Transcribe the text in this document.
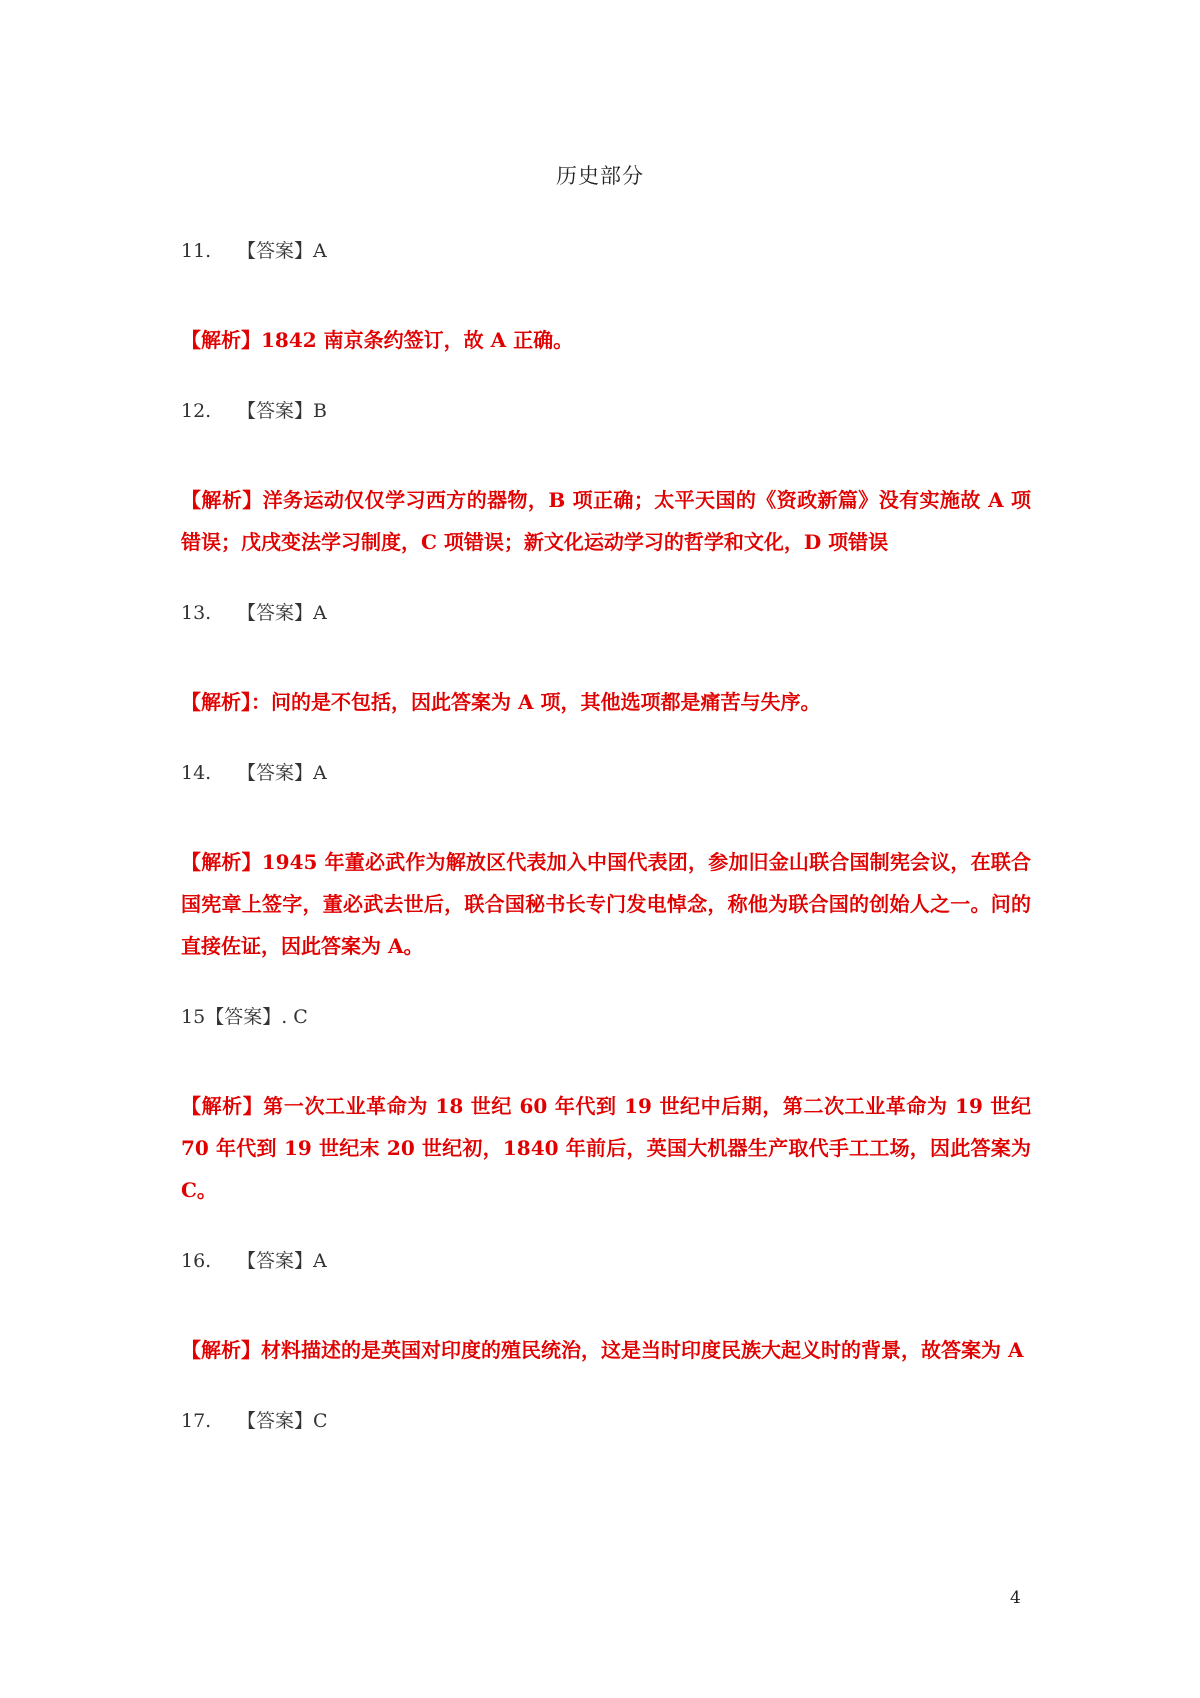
历史部分
11. 【答案】A
【解析】1842 南京条约签订，故 A 正确。
12. 【答案】B
【解析】洋务运动仅仅学习西方的器物，B 项正确；太平天国的《资政新篇》没有实施故 A 项错误；戊戌变法学习制度，C 项错误；新文化运动学习的哲学和文化，D 项错误
13. 【答案】A
【解析】：问的是不包括，因此答案为 A 项，其他选项都是痛苦与失序。
14. 【答案】A
【解析】1945 年董必武作为解放区代表加入中国代表团，参加旧金山联合国制宪会议，在联合国宪章上签字，董必武去世后，联合国秘书长专门发电悼念，称他为联合国的创始人之一。问的直接佐证，因此答案为 A。
15【答案】. C
【解析】第一次工业革命为 18 世纪 60 年代到 19 世纪中后期，第二次工业革命为 19 世纪 70 年代到 19 世纪末 20 世纪初，1840 年前后，英国大机器生产取代手工工场，因此答案为 C。
16. 【答案】A
【解析】材料描述的是英国对印度的殖民统治，这是当时印度民族大起义时的背景，故答案为 A
17. 【答案】C
4
